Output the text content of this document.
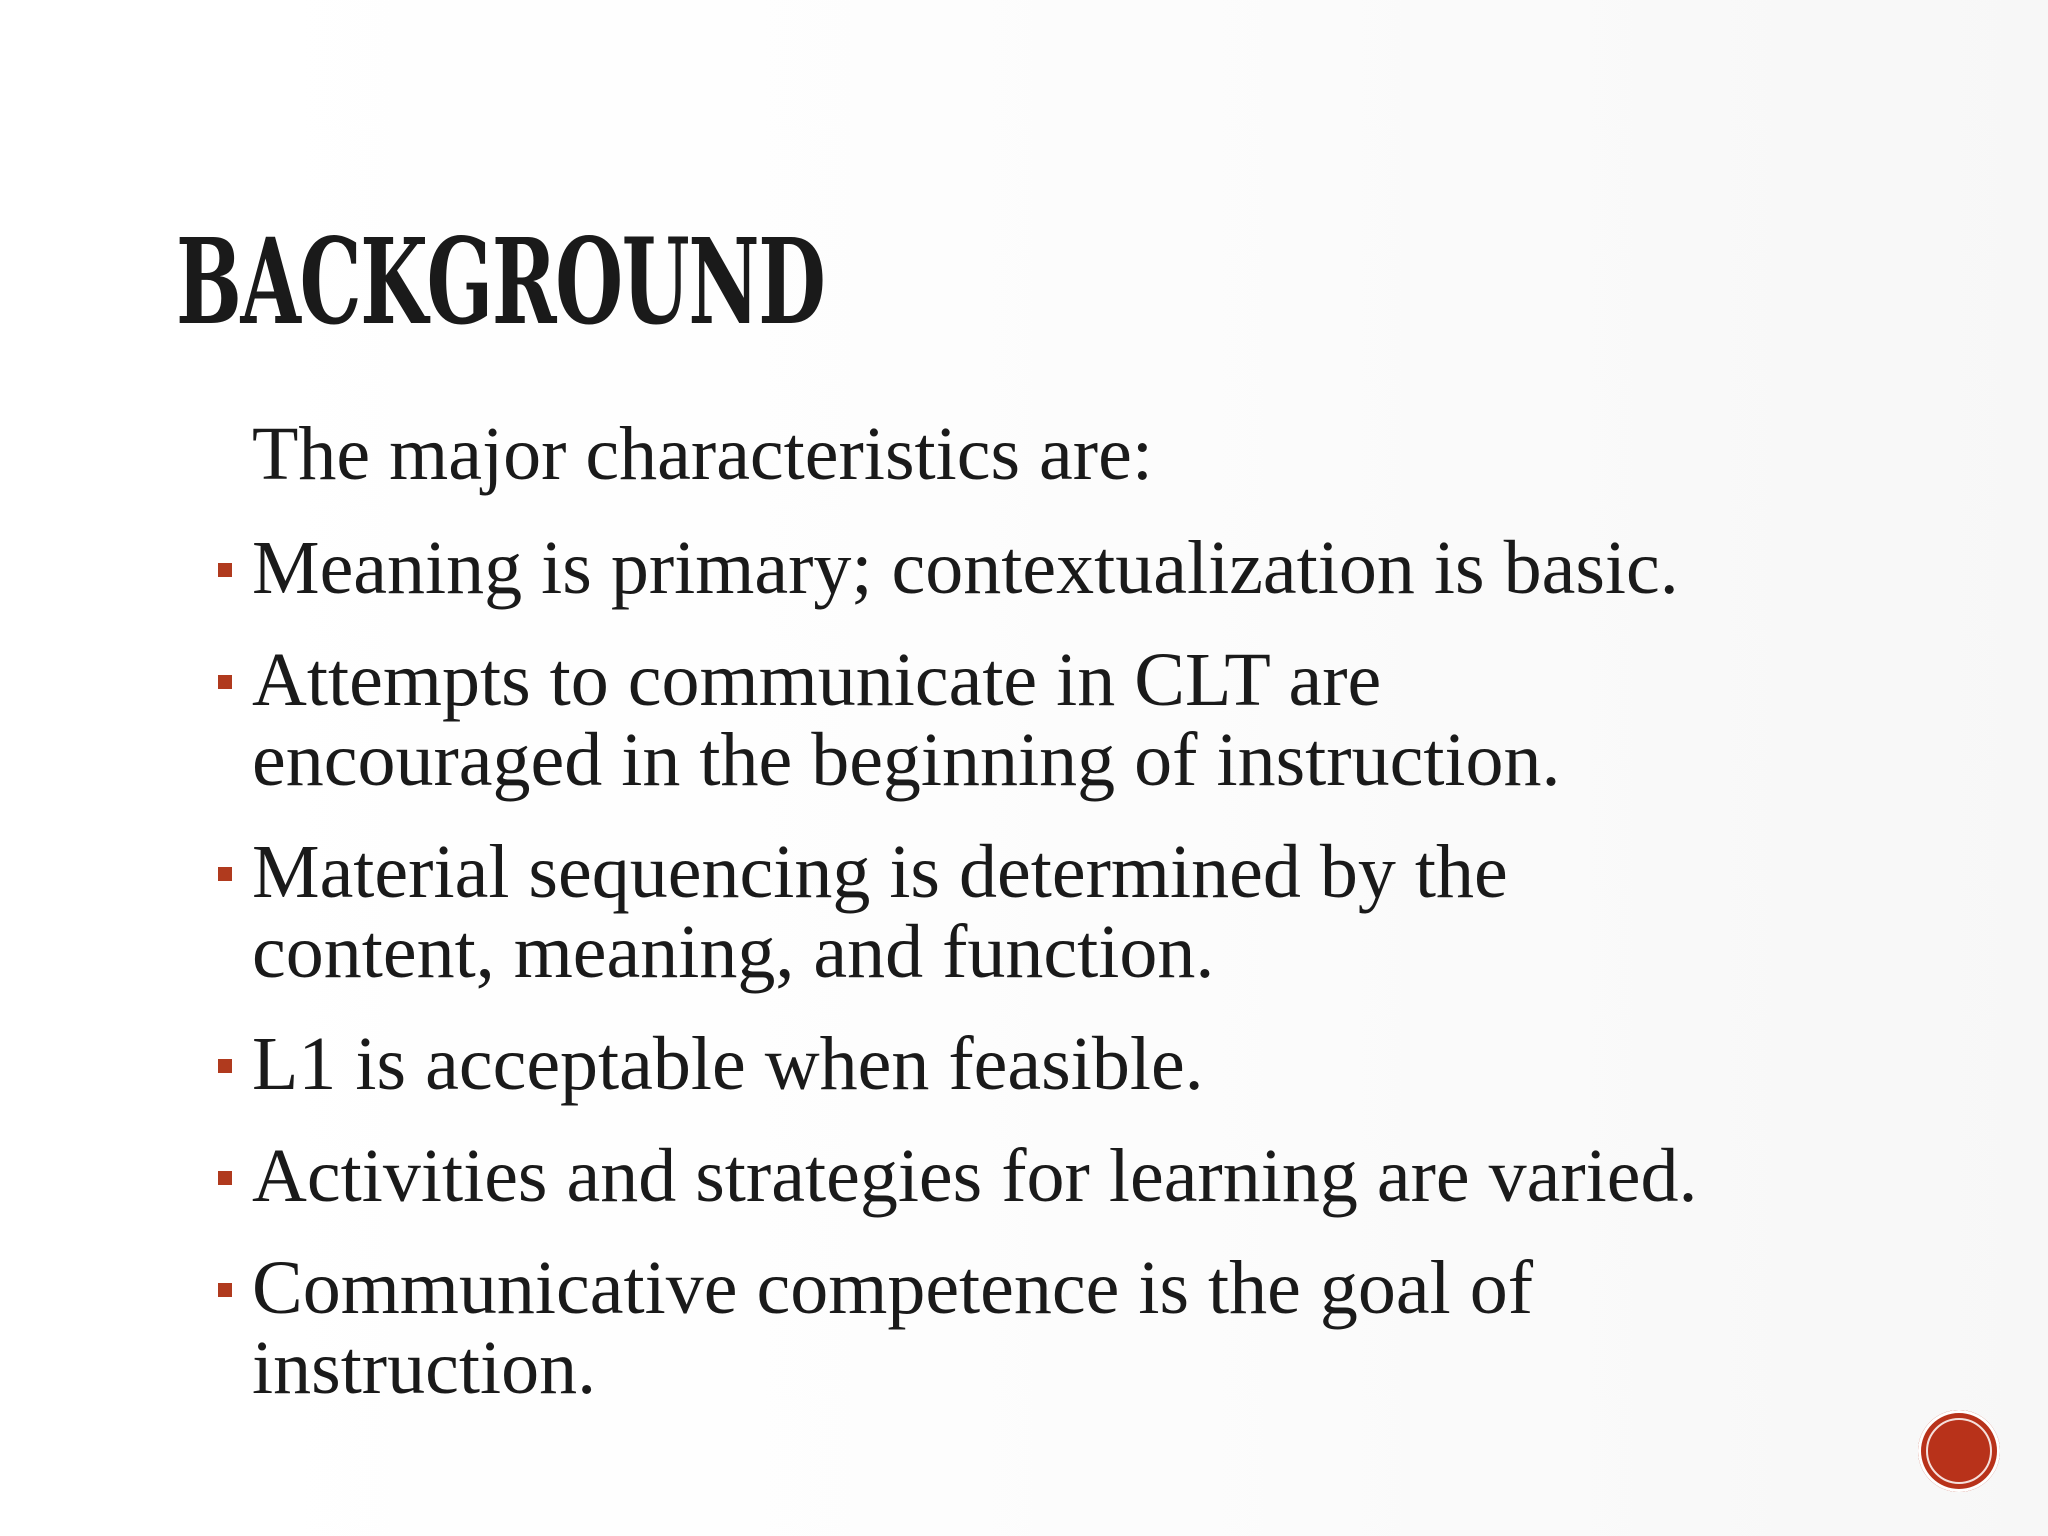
BACKGROUND

The major characteristics are:

Meaning is primary; contextualization is basic.
Attempts to communicate in CLT are encouraged in the beginning of instruction.
Material sequencing is determined by the content, meaning, and function.
L1 is acceptable when feasible.
Activities and strategies for learning are varied.
Communicative competence is the goal of instruction.
